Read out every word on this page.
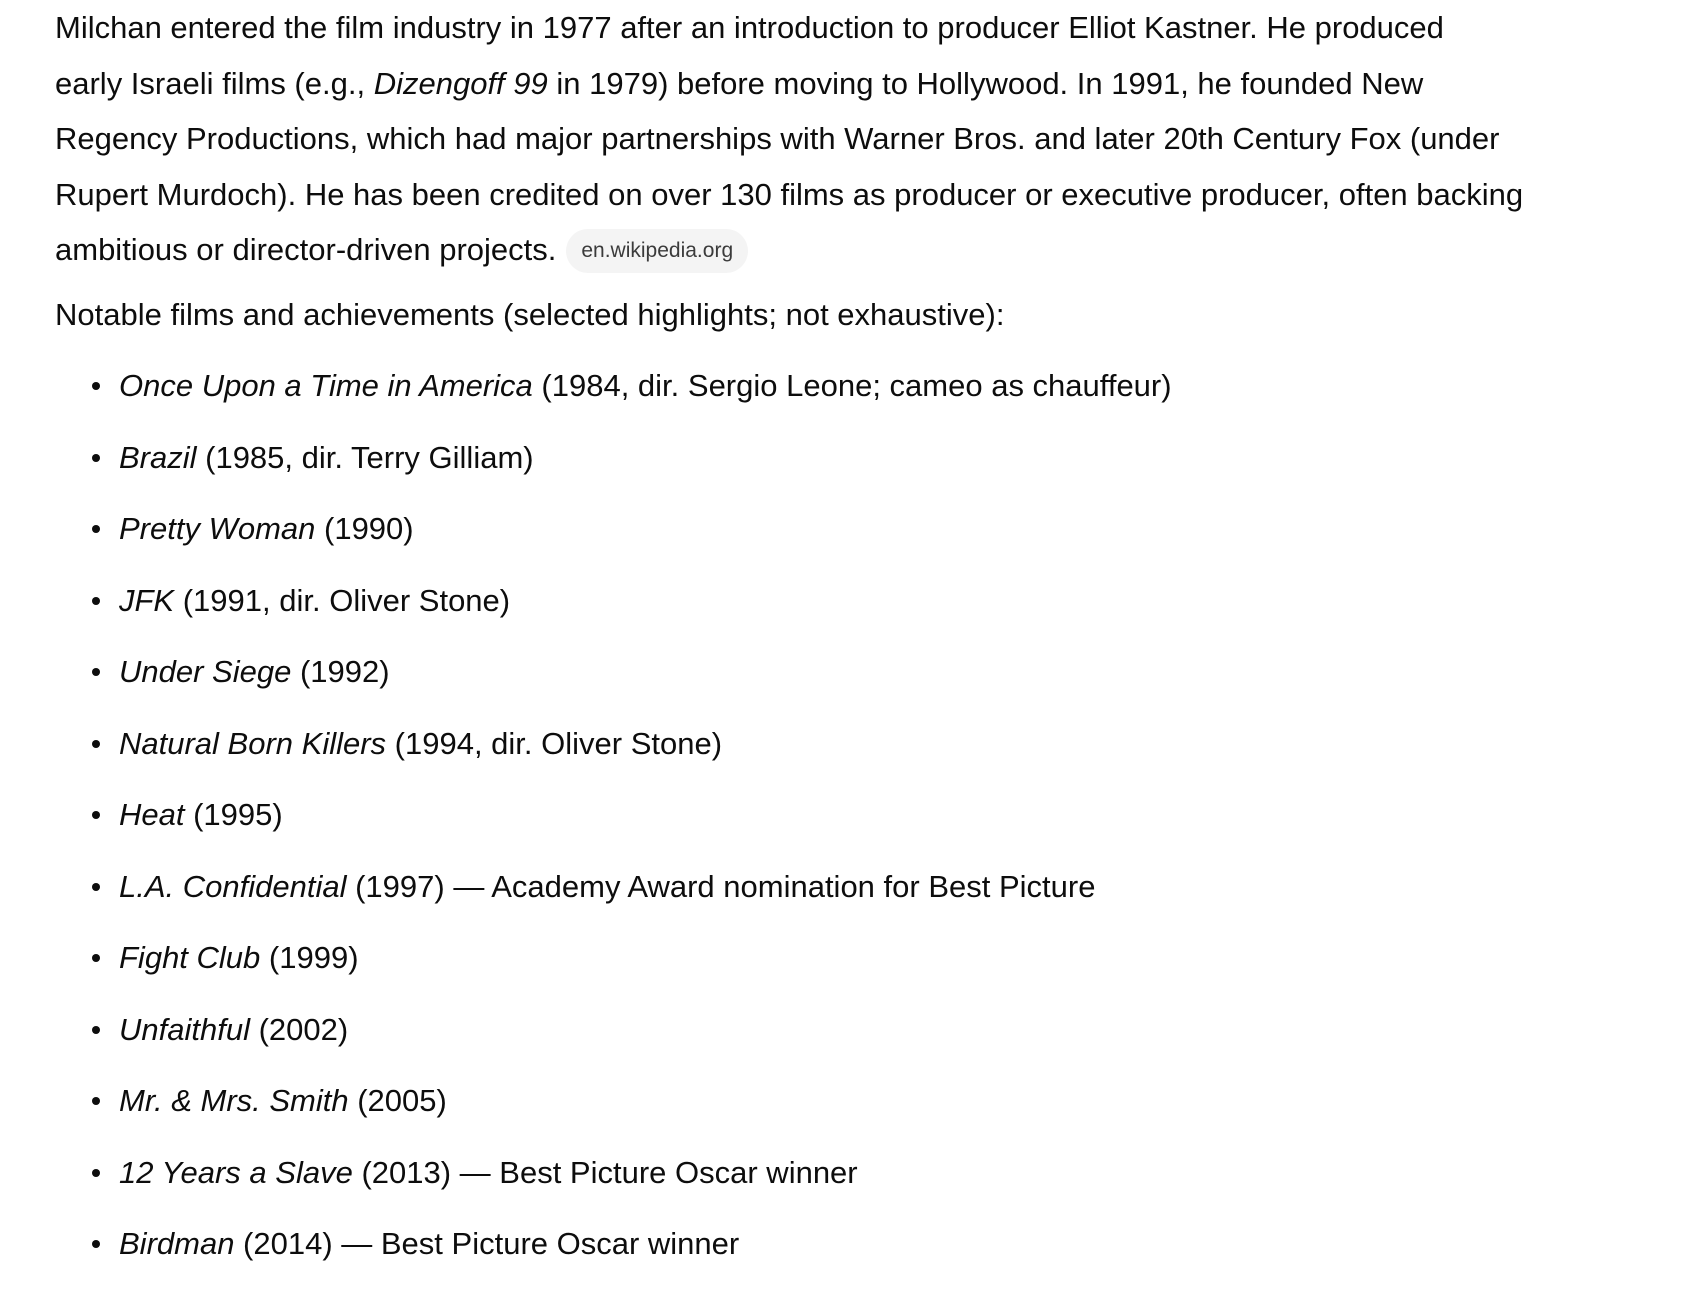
Milchan entered the film industry in 1977 after an introduction to producer Elliot Kastner. He produced
early Israeli films (e.g., Dizengoff 99 in 1979) before moving to Hollywood. In 1991, he founded New
Regency Productions, which had major partnerships with Warner Bros. and later 20th Century Fox (under
Rupert Murdoch). He has been credited on over 130 films as producer or executive producer, often backing
ambitious or director-driven projects. en.wikipedia.org

Notable films and achievements (selected highlights; not exhaustive):

Once Upon a Time in America (1984, dir. Sergio Leone; cameo as chauffeur)
Brazil (1985, dir. Terry Gilliam)
Pretty Woman (1990)
JFK (1991, dir. Oliver Stone)
Under Siege (1992)
Natural Born Killers (1994, dir. Oliver Stone)
Heat (1995)
L.A. Confidential (1997) — Academy Award nomination for Best Picture
Fight Club (1999)
Unfaithful (2002)
Mr. & Mrs. Smith (2005)
12 Years a Slave (2013) — Best Picture Oscar winner
Birdman (2014) — Best Picture Oscar winner
